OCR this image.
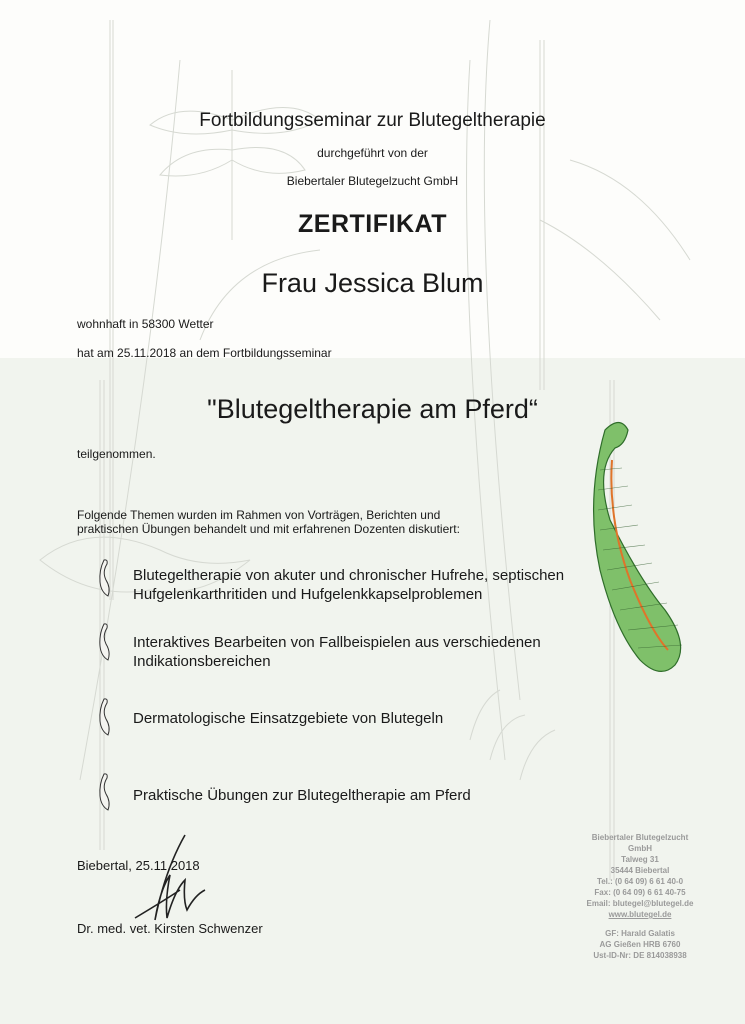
Fortbildungsseminar zur Blutegeltherapie
durchgeführt von der
Biebertaler Blutegelzucht GmbH
ZERTIFIKAT
Frau Jessica Blum
wohnhaft in 58300 Wetter
hat am 25.11.2018 an dem Fortbildungsseminar
"Blutegeltherapie am Pferd“
teilgenommen.
Folgende Themen wurden im Rahmen von Vorträgen, Berichten und
praktischen Übungen behandelt und mit erfahrenen Dozenten diskutiert:
Blutegeltherapie von akuter und chronischer Hufrehe, septischen
Hufgelenkarthritiden und Hufgelenkkapselproblemen
Interaktives Bearbeiten von Fallbeispielen aus verschiedenen
Indikationsbereichen
Dermatologische Einsatzgebiete von Blutegeln
Praktische Übungen zur Blutegeltherapie am Pferd
Biebertal, 25.11.2018
Dr. med. vet. Kirsten Schwenzer
Biebertaler Blutegelzucht
GmbH
Talweg 31
35444 Biebertal
Tel.: (0 64 09) 6 61 40-0
Fax: (0 64 09) 6 61 40-75
Email: blutegel@blutegel.de
www.blutegel.de
GF: Harald Galatis
AG Gießen HRB 6760
Ust-ID-Nr: DE 814038938
